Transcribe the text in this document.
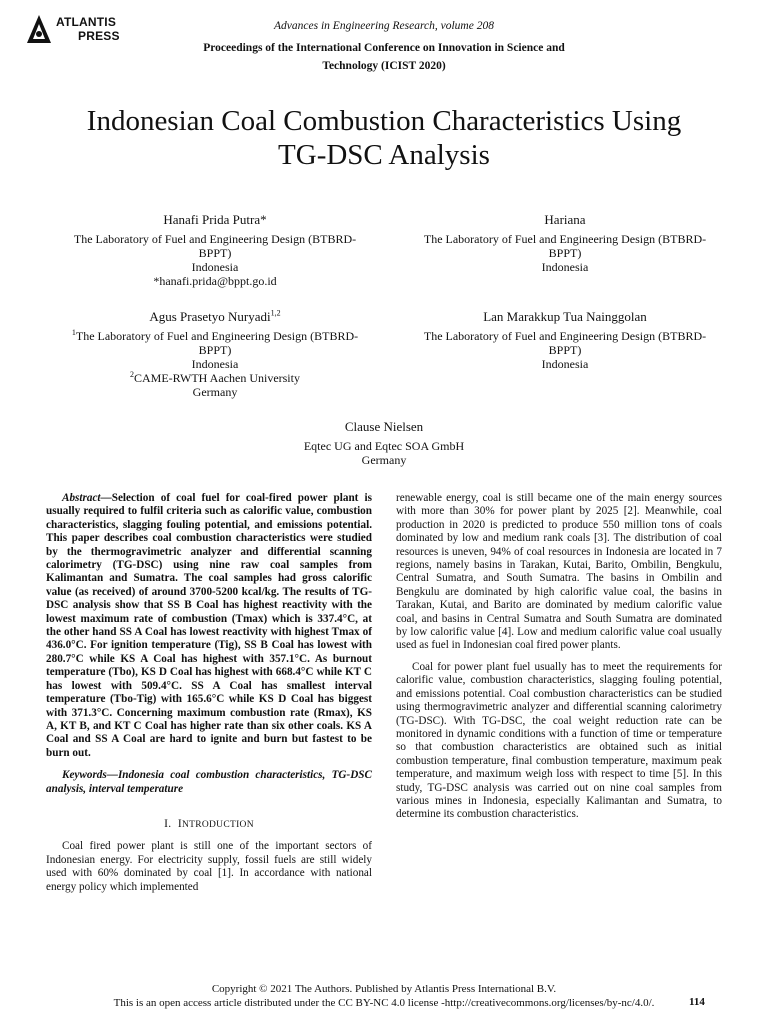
ATLANTIS
PRESS
Advances in Engineering Research, volume 208
Proceedings of the International Conference on Innovation in Science and
Technology (ICIST 2020)
Indonesian Coal Combustion Characteristics Using
TG-DSC Analysis
Hanafi Prida Putra*
The Laboratory of Fuel and Engineering Design (BTBRD-
BPPT)
Indonesia
*hanafi.prida@bppt.go.id
Hariana
The Laboratory of Fuel and Engineering Design (BTBRD-
BPPT)
Indonesia
Agus Prasetyo Nuryadi$^{1,2}$
$^1$The Laboratory of Fuel and Engineering Design (BTBRD-
BPPT)
Indonesia
$^2$CAME-RWTH Aachen University
Germany
Lan Marakkup Tua Nainggolan
The Laboratory of Fuel and Engineering Design (BTBRD-
BPPT)
Indonesia
Clause Nielsen
Eqtec UG and Eqtec SOA GmbH
Germany

Abstract—Selection of coal fuel for coal-fired power plant is usually required to fulfil criteria such as calorific value, combustion characteristics, slagging fouling potential, and emissions potential. This paper describes coal combustion characteristics were studied by the thermogravimetric analyzer and differential scanning calorimetry (TG-DSC) using nine raw coal samples from Kalimantan and Sumatra. The coal samples had gross calorific value (as received) of around 3700-5200 kcal/kg. The results of TG-DSC analysis show that SS B Coal has highest reactivity with the lowest maximum rate of combustion (Tmax) which is 337.4°C, at the other hand SS A Coal has lowest reactivity with highest Tmax of 436.0°C. For ignition temperature (Tig), SS B Coal has lowest with 280.7°C while KS A Coal has highest with 357.1°C. As burnout temperature (Tbo), KS D Coal has highest with 668.4°C while KT C has lowest with 509.4°C. SS A Coal has smallest interval temperature (Tbo-Tig) with 165.6°C while KS D Coal has biggest with 371.3°C. Concerning maximum combustion rate (Rmax), KS A, KT B, and KT C Coal has higher rate than six other coals. KS A Coal and SS A Coal are hard to ignite and burn but fastest to be burn out.

Keywords—Indonesia coal combustion characteristics, TG-DSC analysis, interval temperature

I. INTRODUCTION

Coal fired power plant is still one of the important sectors of Indonesian energy. For electricity supply, fossil fuels are still widely used with 60% dominated by coal [1]. In accordance with national energy policy which implemented

renewable energy, coal is still became one of the main energy sources with more than 30% for power plant by 2025 [2]. Meanwhile, coal production in 2020 is predicted to produce 550 million tons of coals dominated by low and medium rank coals [3]. The distribution of coal resources is uneven, 94% of coal resources in Indonesia are located in 7 regions, namely basins in Tarakan, Kutai, Barito, Ombilin, Bengkulu, Central Sumatra, and South Sumatra. The basins in Ombilin and Bengkulu are dominated by high calorific value coal, the basins in Tarakan, Kutai, and Barito are dominated by medium calorific value coal, and basins in Central Sumatra and South Sumatra are dominated by low calorific value [4]. Low and medium calorific value coal usually used as fuel in Indonesian coal fired power plants.

Coal for power plant fuel usually has to meet the requirements for calorific value, combustion characteristics, slagging fouling potential, and emissions potential. Coal combustion characteristics can be studied using thermogravimetric analyzer and differential scanning calorimetry (TG-DSC). With TG-DSC, the coal weight reduction rate can be monitored in dynamic conditions with a function of time or temperature so that combustion characteristics are obtained such as initial combustion temperature, final combustion temperature, maximum peak temperature, and maximum weigh loss with respect to time [5]. In this study, TG-DSC analysis was carried out on nine coal samples from various mines in Indonesia, especially Kalimantan and Sumatra, to determine its combustion characteristics.

Copyright © 2021 The Authors. Published by Atlantis Press International B.V.
This is an open access article distributed under the CC BY-NC 4.0 license -http://creativecommons.org/licenses/by-nc/4.0/.	114
